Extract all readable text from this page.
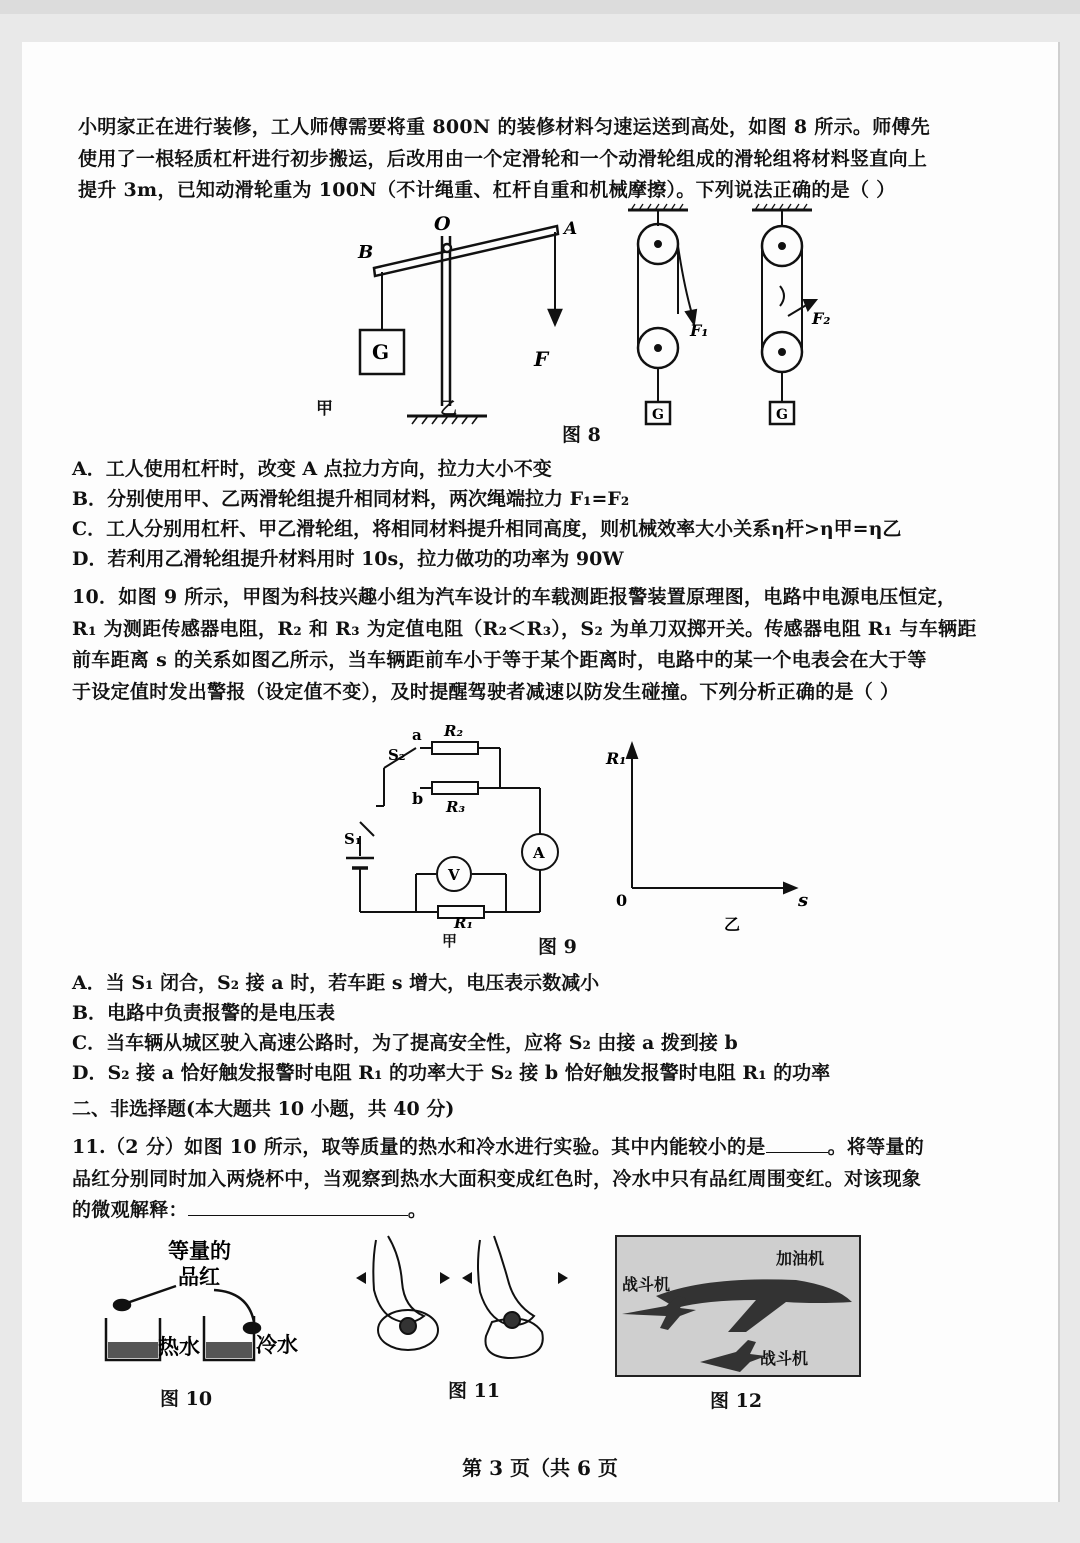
小明家正在进行装修，工人师傅需要将重 800N 的装修材料匀速运送到高处，如图 8 所示。师傅先
使用了一根轻质杠杆进行初步搬运，后改用由一个定滑轮和一个动滑轮组成的滑轮组将材料竖直向上
提升 3m，已知动滑轮重为 100N（不计绳重、杠杆自重和机械摩擦）。下列说法正确的是（ ）
O	A
B
F
G
F₁
G
F₂
G
甲	乙
图 8
A．工人使用杠杆时，改变 A 点拉力方向，拉力大小不变
B．分别使用甲、乙两滑轮组提升相同材料，两次绳端拉力 F₁=F₂
C．工人分别用杠杆、甲乙滑轮组，将相同材料提升相同高度，则机械效率大小关系η杆>η甲=η乙
D．若利用乙滑轮组提升材料用时 10s，拉力做功的功率为 90W
10．如图 9 所示，甲图为科技兴趣小组为汽车设计的车载测距报警装置原理图，电路中电源电压恒定，
R₁ 为测距传感器电阻，R₂ 和 R₃ 为定值电阻（R₂＜R₃），S₂ 为单刀双掷开关。传感器电阻 R₁ 与车辆距
前车距离 s 的关系如图乙所示，当车辆距前车小于等于某个距离时，电路中的某一个电表会在大于等
于设定值时发出警报（设定值不变），及时提醒驾驶者减速以防发生碰撞。下列分析正确的是（ ）
a R₂
S₂
b R₃
S₁
A
V
R₁
甲
R₁
s
0
乙
图 9
A．当 S₁ 闭合，S₂ 接 a 时，若车距 s 增大，电压表示数减小
B．电路中负责报警的是电压表
C．当车辆从城区驶入高速公路时，为了提高安全性，应将 S₂ 由接 a 拨到接 b
D．S₂ 接 a 恰好触发报警时电阻 R₁ 的功率大于 S₂ 接 b 恰好触发报警时电阻 R₁ 的功率
二、非选择题(本大题共 10 小题，共 40 分)
11.（2 分）如图 10 所示，取等质量的热水和冷水进行实验。其中内能较小的是	。将等量的
品红分别同时加入两烧杯中，当观察到热水大面积变成红色时，冷水中只有品红周围变红。对该现象
的微观解释：	。
等量的
品红
热水	冷水
图 10	图 11
加油机
战斗机
战斗机
图 12
第 3 页（共 6 页
